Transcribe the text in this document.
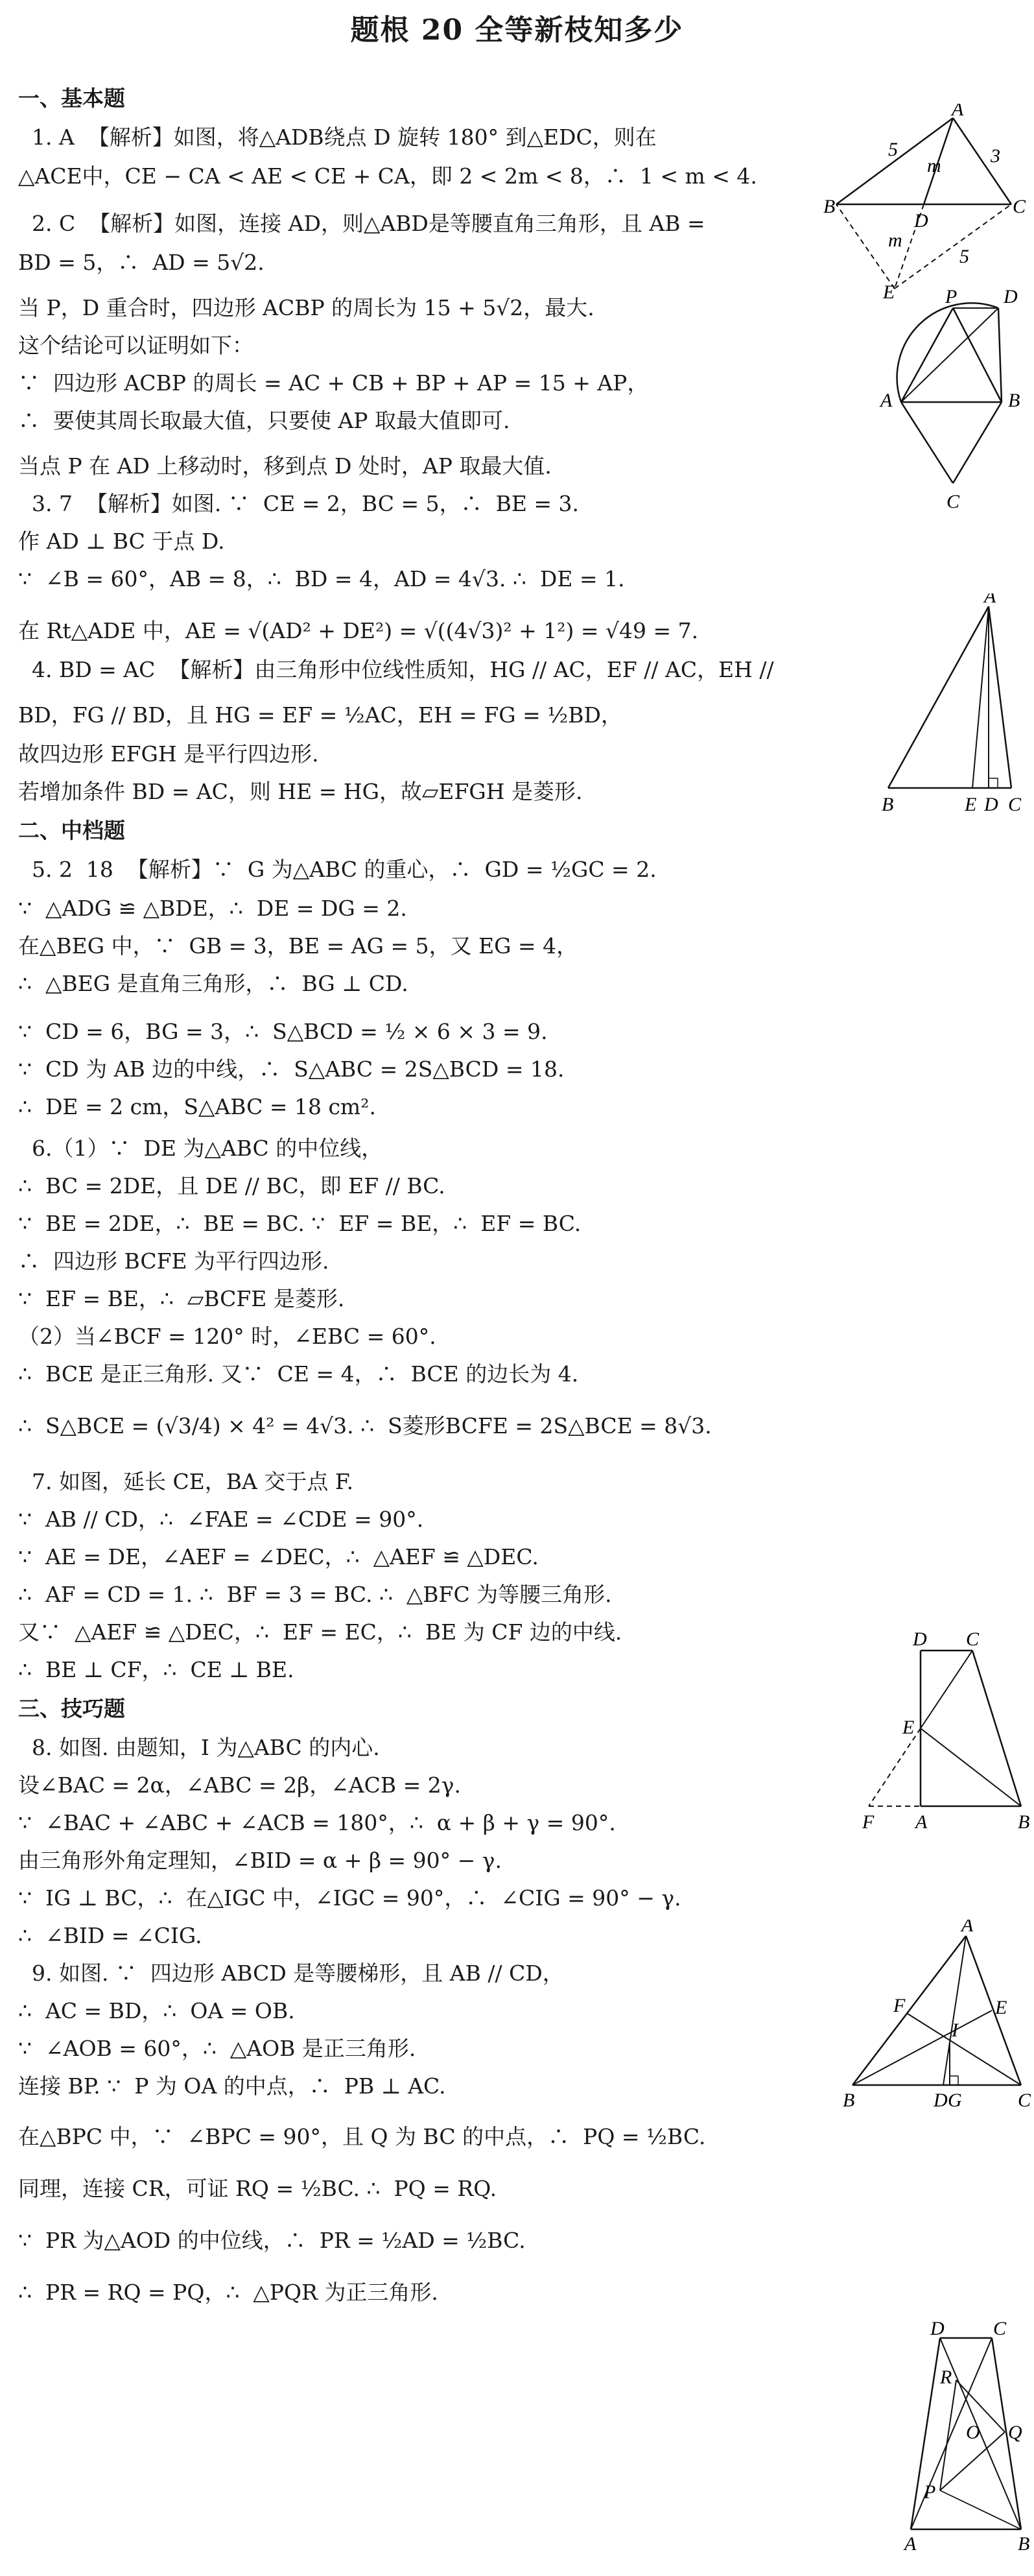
题根 20 全等新枝知多少
一、基本题
1. A  【解析】如图，将△ADB绕点 D 旋转 180° 到△EDC，则在
△ACE中，CE − CA < AE < CE + CA，即 2 < 2m < 8，∴  1 < m < 4.
2. C  【解析】如图，连接 AD，则△ABD是等腰直角三角形，且 AB =
BD = 5，∴  AD = 5√2.
当 P，D 重合时，四边形 ACBP 的周长为 15 + 5√2，最大.
这个结论可以证明如下：
∵  四边形 ACBP 的周长 = AC + CB + BP + AP = 15 + AP，
∴  要使其周长取最大值，只要使 AP 取最大值即可.
当点 P 在 AD 上移动时，移到点 D 处时，AP 取最大值.
3. 7  【解析】如图. ∵  CE = 2，BC = 5，∴  BE = 3.
作 AD ⊥ BC 于点 D.
∵  ∠B = 60°，AB = 8，∴  BD = 4，AD = 4√3. ∴  DE = 1.
在 Rt△ADE 中，AE = √(AD² + DE²) = √((4√3)² + 1²) = √49 = 7.
4. BD = AC  【解析】由三角形中位线性质知，HG // AC，EF // AC，EH //
BD，FG // BD，且 HG = EF = ½AC，EH = FG = ½BD，
故四边形 EFGH 是平行四边形.
若增加条件 BD = AC，则 HE = HG，故▱EFGH 是菱形.
二、中档题
5. 2  18  【解析】∵  G 为△ABC 的重心，∴  GD = ½GC = 2.
∵  △ADG ≌ △BDE，∴  DE = DG = 2.
在△BEG 中，∵  GB = 3，BE = AG = 5，又 EG = 4，
∴  △BEG 是直角三角形，∴  BG ⊥ CD.
∵  CD = 6，BG = 3，∴  S△BCD = ½ × 6 × 3 = 9.
∵  CD 为 AB 边的中线，∴  S△ABC = 2S△BCD = 18.
∴  DE = 2 cm，S△ABC = 18 cm².
6.（1）∵  DE 为△ABC 的中位线，
∴  BC = 2DE，且 DE // BC，即 EF // BC.
∵  BE = 2DE，∴  BE = BC. ∵  EF = BE，∴  EF = BC.
∴  四边形 BCFE 为平行四边形.
∵  EF = BE，∴  ▱BCFE 是菱形.
（2）当∠BCF = 120° 时，∠EBC = 60°.
∴  BCE 是正三角形. 又∵  CE = 4，∴  BCE 的边长为 4.
∴  S△BCE = (√3/4) × 4² = 4√3. ∴  S菱形BCFE = 2S△BCE = 8√3.
7. 如图，延长 CE，BA 交于点 F.
∵  AB // CD，∴  ∠FAE = ∠CDE = 90°.
∵  AE = DE，∠AEF = ∠DEC，∴  △AEF ≌ △DEC.
∴  AF = CD = 1. ∴  BF = 3 = BC. ∴  △BFC 为等腰三角形.
又∵  △AEF ≌ △DEC，∴  EF = EC，∴  BE 为 CF 边的中线.
∴  BE ⊥ CF，∴  CE ⊥ BE.
三、技巧题
8. 如图. 由题知，I 为△ABC 的内心.
设∠BAC = 2α，∠ABC = 2β，∠ACB = 2γ.
∵  ∠BAC + ∠ABC + ∠ACB = 180°，∴  α + β + γ = 90°.
由三角形外角定理知，∠BID = α + β = 90° − γ.
∵  IG ⊥ BC，∴  在△IGC 中，∠IGC = 90°，∴  ∠CIG = 90° − γ.
∴  ∠BID = ∠CIG.
9. 如图. ∵  四边形 ABCD 是等腰梯形，且 AB // CD，
∴  AC = BD，∴  OA = OB.
∵  ∠AOB = 60°，∴  △AOB 是正三角形.
连接 BP. ∵  P 为 OA 的中点，∴  PB ⊥ AC.
在△BPC 中，∵  ∠BPC = 90°，且 Q 为 BC 的中点，∴  PQ = ½BC.
同理，连接 CR，可证 RQ = ½BC. ∴  PQ = RQ.
∵  PR 为△AOD 的中位线，∴  PR = ½AD = ½BC.
∴  PR = RQ = PQ，∴  △PQR 为正三角形.
A
B	C
D
E
m
m
5	3
5
P D
A	B
C
A
B	E D C
D C
E
F A	B
A
F
I
E
B	D G	C
D	C
R
O Q
P
A	B
